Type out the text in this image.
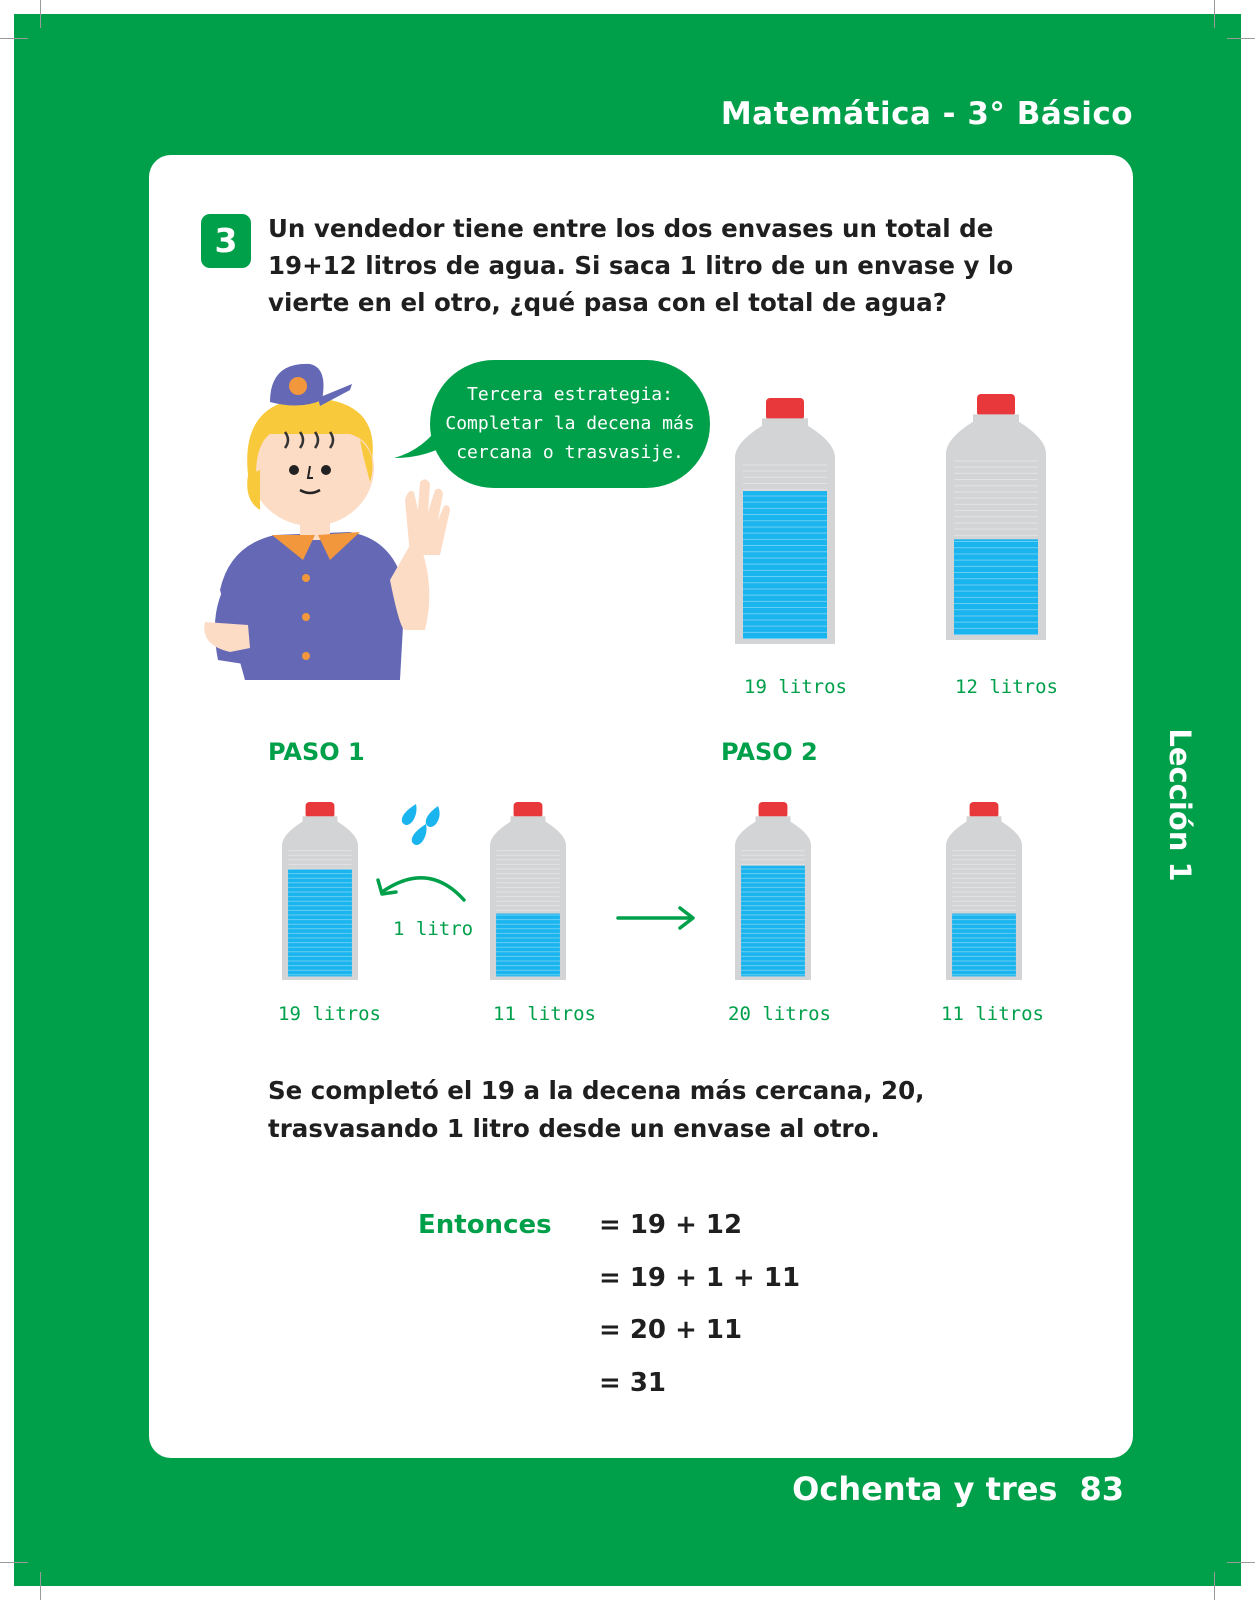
Matemática - 3° Básico
3	Un vendedor tiene entre los dos envases un total de 19+12 litros de agua. Si saca 1 litro de un envase y lo vierte en el otro, ¿qué pasa con el total de agua?
Tercera estrategia:
Completar la decena más
cercana o trasvasije.
19 litros	12 litros
PASO 1	PASO 2
19 litros	11 litros
1 litro
20 litros	11 litros
Se completó el 19 a la decena más cercana, 20, trasvasando 1 litro desde un envase al otro.
Entonces = 19 + 12
= 19 + 1 + 11
= 20 + 11
= 31
Lección 1
Ochenta y tres 83
